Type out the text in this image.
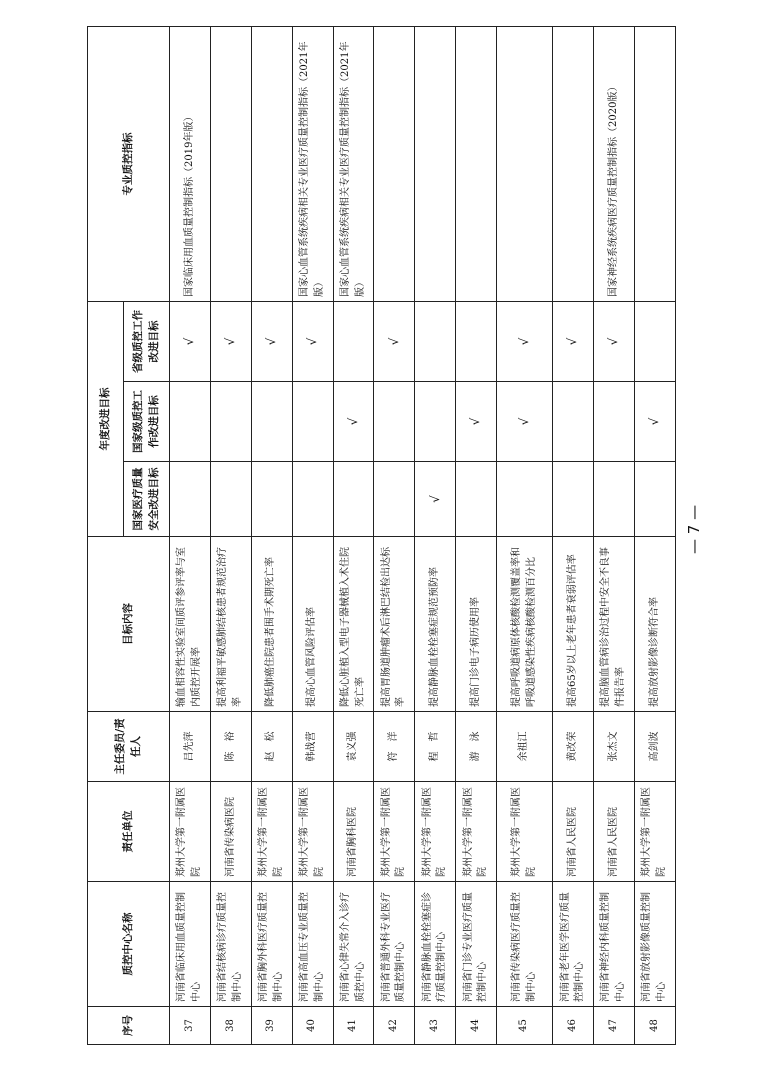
序号	质控中心名称	责任单位	主任委员/责任人	目标内容	年度改进目标			专业质控指标
					国家医疗质量安全改进目标	国家级质控工作改进目标	省级质控工作改进目标	
37	河南省临床用血质量控制中心	郑州大学第一附属医院	吕先萍	输血相容性实验室间质评参评率与室内质控开展率			√	国家临床用血质量控制指标（2019年版）
38	河南省结核病诊疗质量控制中心	河南省传染病医院	陈　裕	提高利福平敏感肺结核患者规范治疗率			√	
39	河南省胸外科医疗质量控制中心	郑州大学第一附属医院	赵　松	降低肺癌住院患者围手术期死亡率			√	
40	河南省高血压专业质量控制中心	郑州大学第一附属医院	韩战营	提高心血管风险评估率			√	国家心血管系统疾病相关专业医疗质量控制指标（2021年版）
41	河南省心律失常介入诊疗质控中心	河南省胸科医院	袁义强	降低心脏植入型电子器械植入术住院死亡率		√		国家心血管系统疾病相关专业医疗质量控制指标（2021年版）
42	河南省普通外科专业医疗质量控制中心	郑州大学第一附属医院	符　洋	提高胃肠道肿瘤术后淋巴结检出达标率			√	
43	河南省静脉血栓栓塞症诊疗质量控制中心	郑州大学第一附属医院	程　哲	提高静脉血栓栓塞症规范预防率	√			
44	河南省门诊专业医疗质量控制中心	郑州大学第一附属医院	游　泳	提高门诊电子病历使用率		√		
45	河南省传染病医疗质量控制中心	郑州大学第一附属医院	余祖江	提高呼吸道病原体核酸检测覆盖率和呼吸道感染性疾病核酸检测百分比		√	√	
46	河南省老年医学医疗质量控制中心	河南省人民医院	黄改荣	提高65岁以上老年患者衰弱评估率			√	
47	河南省神经内科质量控制中心	河南省人民医院	张杰文	提高脑血管病诊治过程中安全不良事件报告率			√	国家神经系统疾病医疗质量控制指标（2020版）
48	河南省放射影像质量控制中心	郑州大学第一附属医院	高剑波	提高放射影像诊断符合率		√		
— 7 —
